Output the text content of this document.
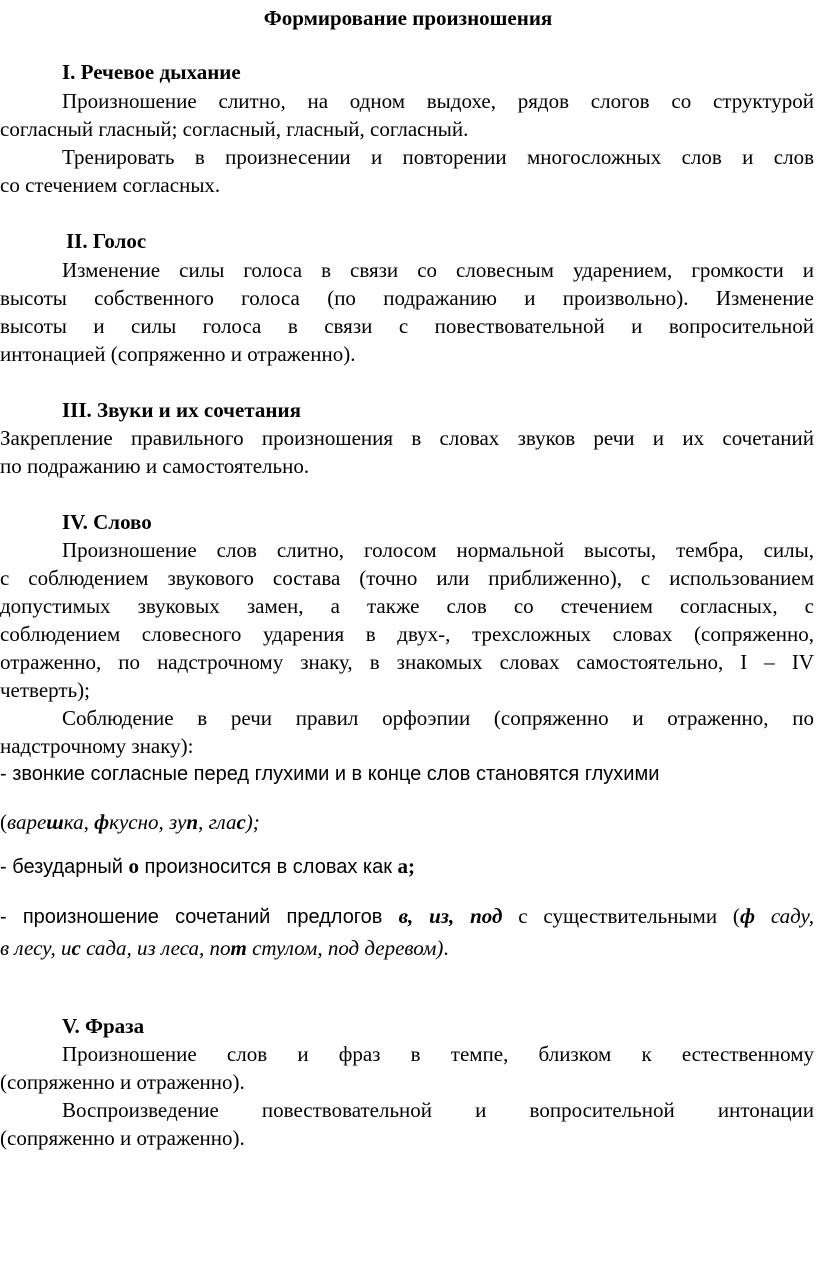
Формирование произношения
I. Речевое дыхание
Произношение слитно, на одном выдохе, рядов слогов со структурой
согласный гласный; согласный, гласный, согласный.
Тренировать в произнесении и повторении многосложных слов и слов
со стечением согласных.
II. Голос
Изменение силы голоса в связи со словесным ударением, громкости и
высоты собственного голоса (по подражанию и произвольно). Изменение
высоты и силы голоса в связи с повествовательной и вопросительной
интонацией (сопряженно и отраженно).
III. Звуки и их сочетания
Закрепление правильного произношения в словах звуков речи и их сочетаний
по подражанию и самостоятельно.
IV. Слово
Произношение слов слитно, голосом нормальной высоты, тембра, силы,
с соблюдением звукового состава (точно или приближенно), с использованием
допустимых звуковых замен, а также слов со стечением согласных, с
соблюдением словесного ударения в двух-, трехсложных словах (сопряженно,
отраженно, по надстрочному знаку, в знакомых словах самостоятельно, I – IV
четверть);
Соблюдение в речи правил орфоэпии (сопряженно и отраженно, по
надстрочному знаку):
- звонкие согласные перед глухими и в конце слов становятся глухими
(варешка, фкусно, зуп, глас);
- безударный о произносится в словах как а;
- произношение сочетаний предлогов в, из, под с существительными (ф саду,
в лесу, ис сада, из леса, пот стулом, под деревом).
V. Фраза
Произношение слов и фраз в темпе, близком к естественному
(сопряженно и отраженно).
Воспроизведение повествовательной и вопросительной интонации
(сопряженно и отраженно).
